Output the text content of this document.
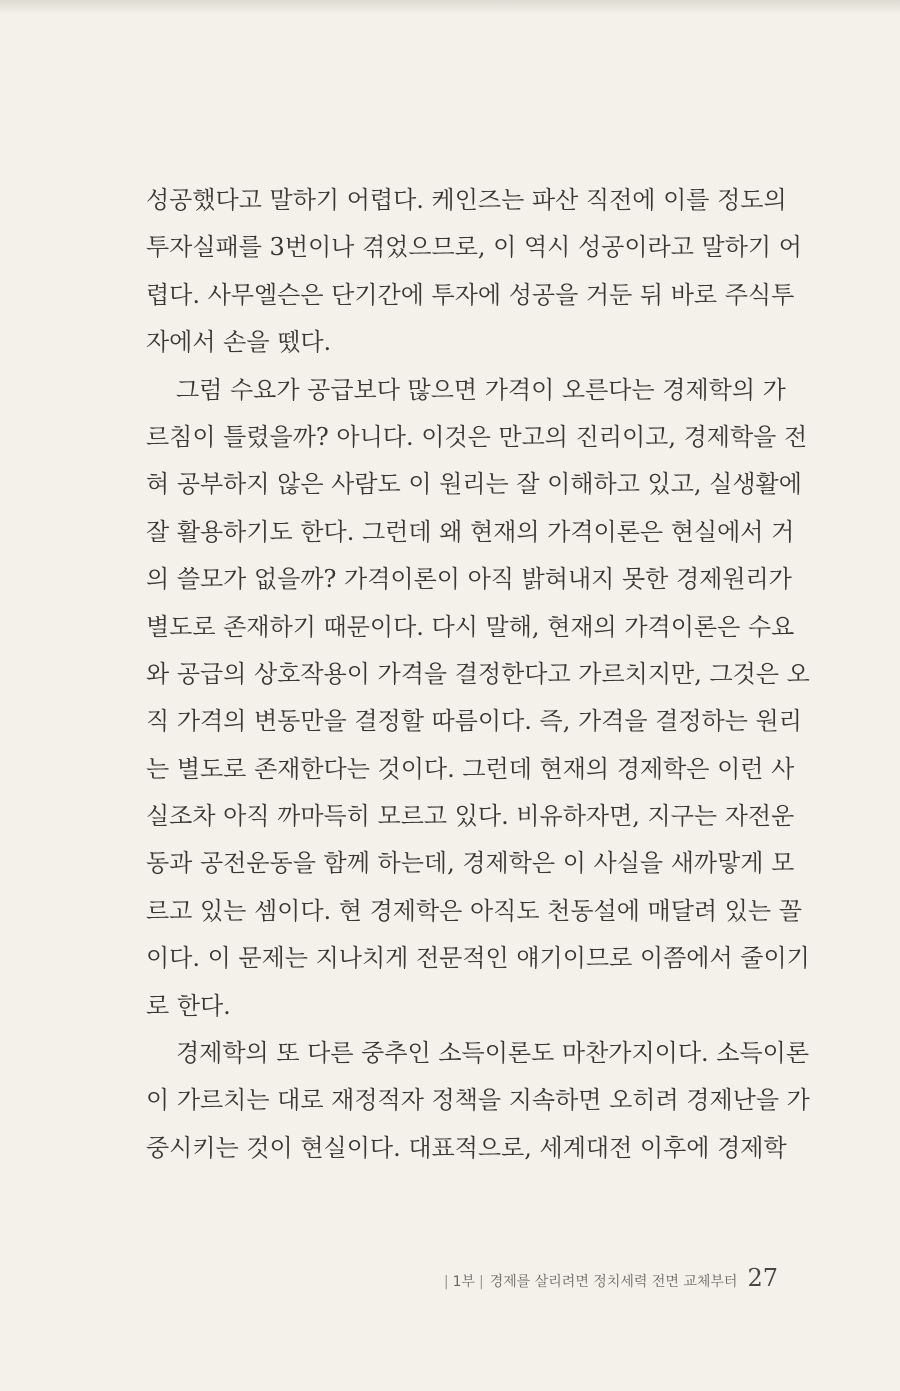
성공했다고 말하기 어렵다. 케인즈는 파산 직전에 이를 정도의
투자실패를 3번이나 겪었으므로, 이 역시 성공이라고 말하기 어
렵다. 사무엘슨은 단기간에 투자에 성공을 거둔 뒤 바로 주식투
자에서 손을 뗐다.
그럼 수요가 공급보다 많으면 가격이 오른다는 경제학의 가
르침이 틀렸을까? 아니다. 이것은 만고의 진리이고, 경제학을 전
혀 공부하지 않은 사람도 이 원리는 잘 이해하고 있고, 실생활에
잘 활용하기도 한다. 그런데 왜 현재의 가격이론은 현실에서 거
의 쓸모가 없을까? 가격이론이 아직 밝혀내지 못한 경제원리가
별도로 존재하기 때문이다. 다시 말해, 현재의 가격이론은 수요
와 공급의 상호작용이 가격을 결정한다고 가르치지만, 그것은 오
직 가격의 변동만을 결정할 따름이다. 즉, 가격을 결정하는 원리
는 별도로 존재한다는 것이다. 그런데 현재의 경제학은 이런 사
실조차 아직 까마득히 모르고 있다. 비유하자면, 지구는 자전운
동과 공전운동을 함께 하는데, 경제학은 이 사실을 새까맣게 모
르고 있는 셈이다. 현 경제학은 아직도 천동설에 매달려 있는 꼴
이다. 이 문제는 지나치게 전문적인 얘기이므로 이쯤에서 줄이기
로 한다.
경제학의 또 다른 중추인 소득이론도 마찬가지이다. 소득이론
이 가르치는 대로 재정적자 정책을 지속하면 오히려 경제난을 가
중시키는 것이 현실이다. 대표적으로, 세계대전 이후에 경제학
| 1부 | 경제를 살리려면 정치세력 전면 교체부터 27
